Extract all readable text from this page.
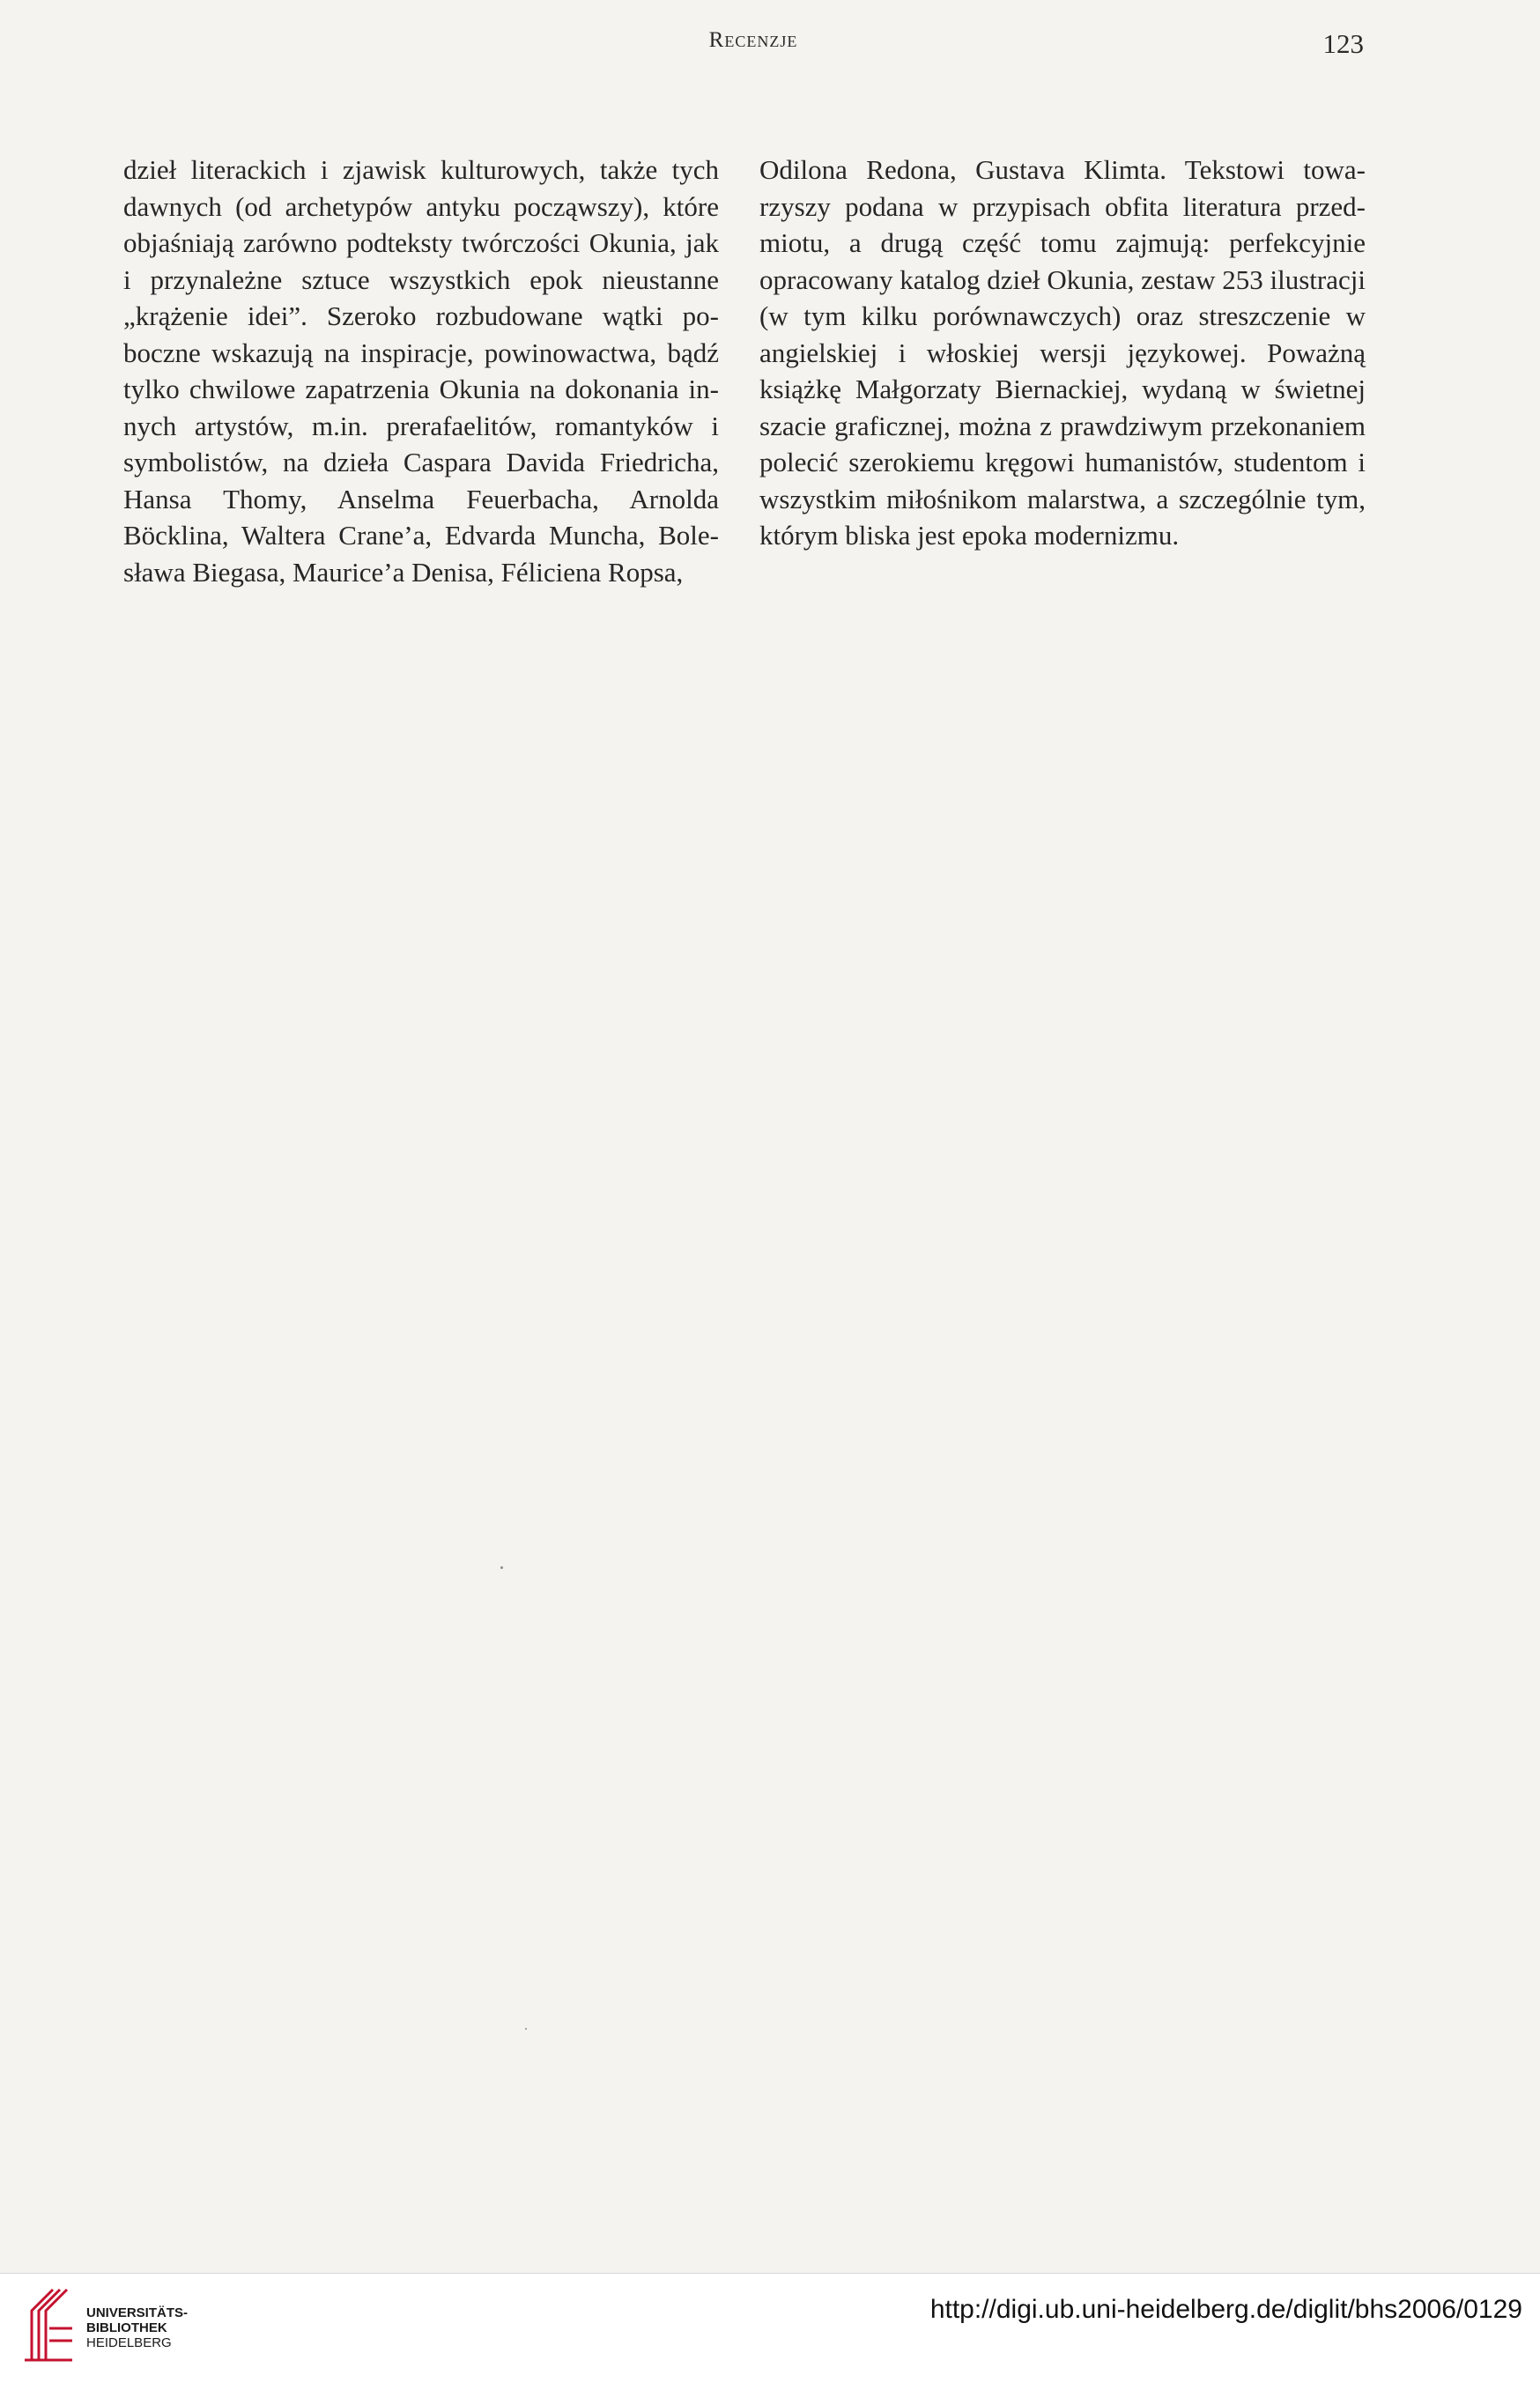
Recenzje	123

dzieł literackich i zjawisk kulturowych, także tych dawnych (od archetypów antyku począwszy), które objaśniają zarówno podteksty twórczości Okunia, jak i przynależne sztuce wszystkich epok nieustanne „krążenie idei”. Szeroko rozbudowane wątki poboczne wskazują na inspiracje, powinowactwa, bądź tylko chwilowe zapatrzenia Okunia na dokonania innych artystów, m.in. prerafaelitów, romantyków i symbolistów, na dzieła Caspara Davida Friedricha, Hansa Thomy, Anselma Feuerbacha, Arnolda Böcklina, Waltera Crane’a, Edvarda Muncha, Bolesława Biegasa, Maurice’a Denisa, Féliciena Ropsa,

Odilona Redona, Gustava Klimta. Tekstowi towarzyszy podana w przypisach obfita literatura przedmiotu, a drugą część tomu zajmują: perfekcyjnie opracowany katalog dzieł Okunia, zestaw 253 ilustracji (w tym kilku porównawczych) oraz streszczenie w angielskiej i włoskiej wersji językowej. Poważną książkę Małgorzaty Biernackiej, wydaną w świetnej szacie graficznej, można z prawdziwym przekonaniem polecić szerokiemu kręgowi humanistów, studentom i wszystkim miłośnikom malarstwa, a szczególnie tym, którym bliska jest epoka modernizmu.

UNIVERSITÄTS-
BIBLIOTHEK
HEIDELBERG
http://digi.ub.uni-heidelberg.de/diglit/bhs2006/0129
